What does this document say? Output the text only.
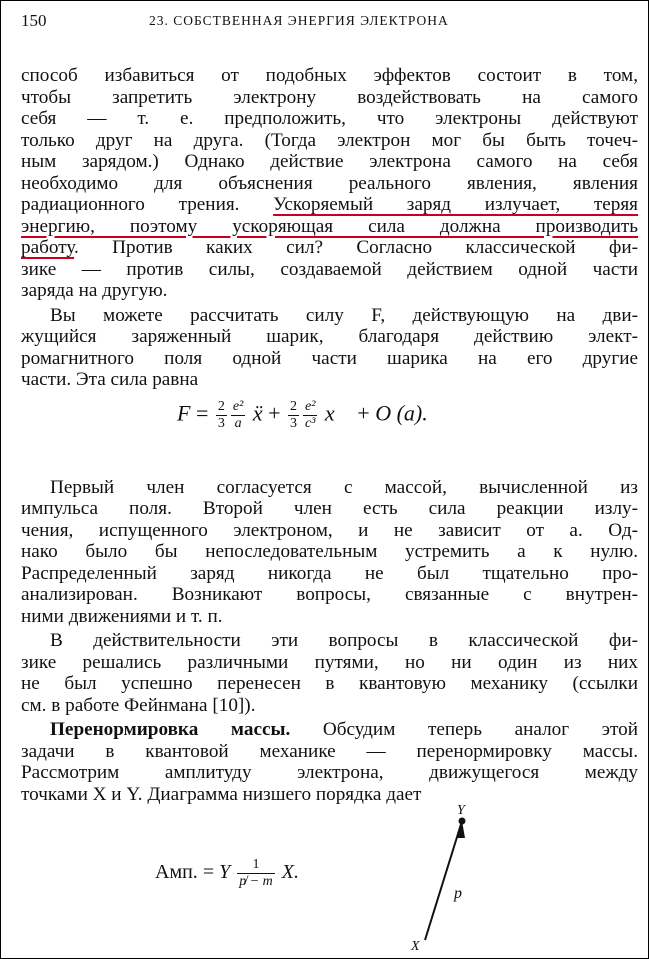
150	23. СОБСТВЕННАЯ ЭНЕРГИЯ ЭЛЕКТРОНА

способ избавиться от подобных эффектов состоит в том,

чтобы запретить электрону воздействовать на самого

себя — т. е. предположить, что электроны действуют

только друг на друга. (Тогда электрон мог бы быть точеч-

ным зарядом.) Однако действие электрона самого на себя

необходимо для объяснения реального явления, явления

радиационного трения. Ускоряемый заряд излучает, теряя

энергию, поэтому ускоряющая сила должна производить

работу. Против каких сил? Согласно классической фи-

зике — против силы, создаваемой действием одной части

заряда на другую.

Вы можете рассчитать силу F, действующую на дви-

жущийся заряженный шарик, благодаря действию элект-

ромагнитного поля одной части шарика на его другие

части. Эта сила равна

Первый член согласуется с массой, вычисленной из

импульса поля. Второй член есть сила реакции излу-

чения, испущенного электроном, и не зависит от a. Од-

нако было бы непоследовательным устремить a к нулю.

Распределенный заряд никогда не был тщательно про-

анализирован. Возникают вопросы, связанные с внутрен-

ними движениями и т. п.

В действительности эти вопросы в классической фи-

зике решались различными путями, но ни один из них

не был успешно перенесен в квантовую механику (ссылки

см. в работе Фейнмана [10]).

Перенормировка массы. Обсудим теперь аналог этой

задачи в квантовой механике — перенормировку массы.

Рассмотрим амплитуду электрона, движущегося между

точками X и Y. Диаграмма низшего порядка дает

$F = \frac{2}{3} \frac{\text{e²}}{a}$ ẍ + $\frac{2}{3} \frac{\text{e²}}{\text{c³}}$ x⃛ + O (a).
Амп. = Y $\frac{1}{p̸ - m} X$.
Y
X
p
